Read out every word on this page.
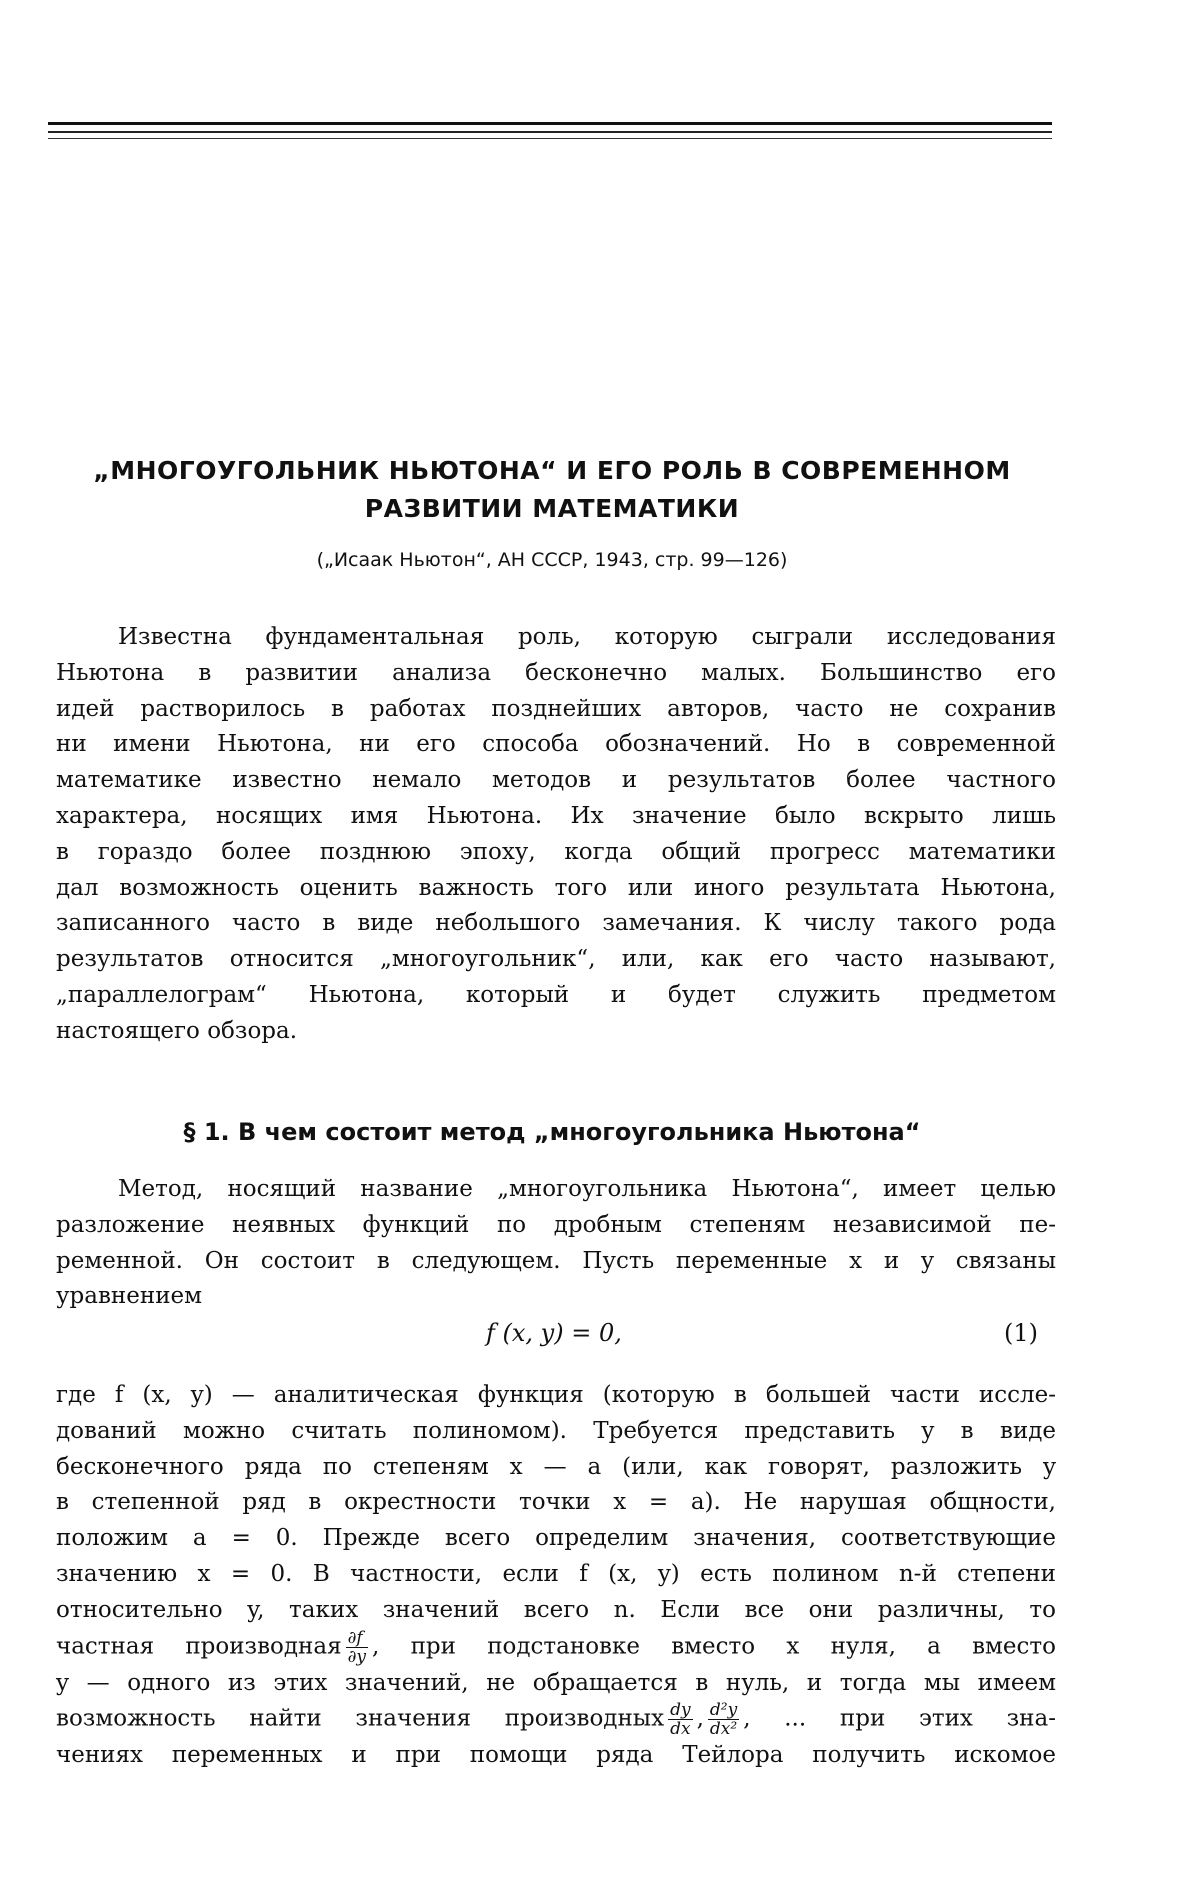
„МНОГОУГОЛЬНИК НЬЮТОНА“ И ЕГО РОЛЬ В СОВРЕМЕННОМ
РАЗВИТИИ МАТЕМАТИКИ
(„Исаак Ньютон“, АН СССР, 1943, стр. 99—126)
Известна фундаментальная роль, которую сыграли исследования
Ньютона в развитии анализа бесконечно малых. Большинство его
идей растворилось в работах позднейших авторов, часто не сохранив
ни имени Ньютона, ни его способа обозначений. Но в современной
математике известно немало методов и результатов более частного
характера, носящих имя Ньютона. Их значение было вскрыто лишь
в гораздо более позднюю эпоху, когда общий прогресс математики
дал возможность оценить важность того или иного результата Ньютона,
записанного часто в виде небольшого замечания. К числу такого рода
результатов относится „многоугольник“, или, как его часто называют,
„параллелограм“ Ньютона, который и будет служить предметом
настоящего обзора.
§ 1. В чем состоит метод „многоугольника Ньютона“
Метод, носящий название „многоугольника Ньютона“, имеет целью
разложение неявных функций по дробным степеням независимой пе-
ременной. Он состоит в следующем. Пусть переменные x и y связаны
уравнением
f (x, y) = 0,	(1)
где f (x, y) — аналитическая функция (которую в большей части иссле-
дований можно считать полиномом). Требуется представить y в виде
бесконечного ряда по степеням x — a (или, как говорят, разложить y
в степенной ряд в окрестности точки x = a). Не нарушая общности,
положим a = 0. Прежде всего определим значения, соответствующие
значению x = 0. В частности, если f (x, y) есть полином n-й степени
относительно y, таких значений всего n. Если все они различны, то
частная производная $\frac{\partial f}{\partial y}$ , при подстановке вместо x нуля, а вместо
y — одного из этих значений, не обращается в нуль, и тогда мы имеем
возможность найти значения производных $\frac{dy}{dx}$ , $\frac{\text{d²y}}{\text{dx²}}$ , ... при этих зна-
чениях переменных и при помощи ряда Тейлора получить искомое
